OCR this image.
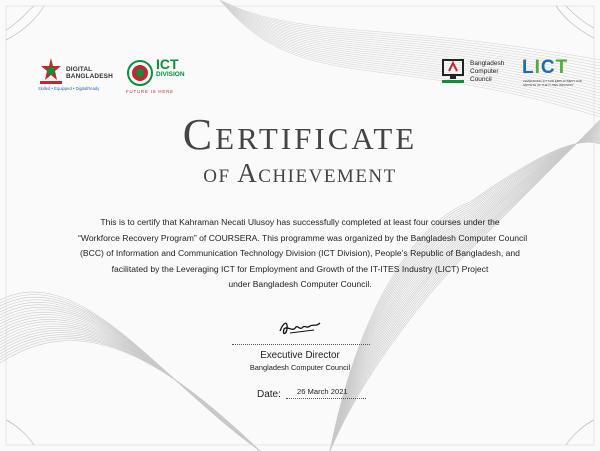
DIGITAL
BANGLADESH
Skilled • Equipped • DigitalReady
ICT
DIVISION
FUTURE IS HERE
Bangladesh
Computer
Council
LICT
LEVERAGING ICT FOR EMPLOYMENT AND GROWTH OF THE IT-ITES INDUSTRY
Certificate
of Achievement
This is to certify that Kahraman Necati Ulusoy has successfully completed at least four courses under the
“Workforce Recovery Program” of COURSERA. This programme was organized by the Bangladesh Computer Council
(BCC) of Information and Communication Technology Division (ICT Division), People’s Republic of Bangladesh, and
facilitated by the Leveraging ICT for Employment and Growth of the IT-ITES Industry (LICT) Project
under Bangladesh Computer Council.
Executive Director
Bangladesh Computer Council
Date: 26 March 2021
